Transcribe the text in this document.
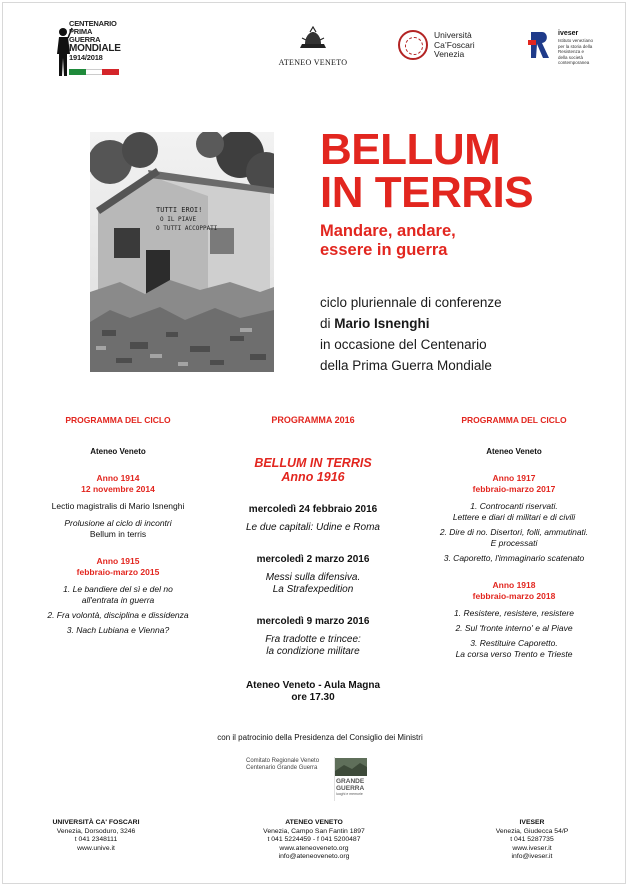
CENTENARIO
PRIMA GUERRA
MONDIALE
1914/2018
ATENEO VENETO
Università
Ca’Foscari
Venezia
iveser
Istituto veneziano
per la storia della
Resistenza e
della società
contemporanea
TUTTI EROI!
O IL PIAVE
O TUTTI ACCOPPATI
BELLUM
IN TERRIS
Mandare, andare,
essere in guerra
ciclo pluriennale di conferenze
di Mario Isnenghi
in occasione del Centenario
della Prima Guerra Mondiale
PROGRAMMA DEL CICLO
Ateneo Veneto
Anno 1914
12 novembre 2014
Lectio magistralis di Mario Isnenghi
Prolusione al ciclo di incontri
Bellum in terris
Anno 1915
febbraio-marzo 2015
1. Le bandiere del sì e del no
all'entrata in guerra
2. Fra volontà, disciplina e dissidenza
3. Nach Lubiana e Vienna?
PROGRAMMA 2016
BELLUM IN TERRIS
Anno 1916
mercoledì 24 febbraio 2016
Le due capitali: Udine e Roma
mercoledì 2 marzo 2016
Messi sulla difensiva.
La Strafexpedition
mercoledì 9 marzo 2016
Fra tradotte e trincee:
la condizione militare
Ateneo Veneto - Aula Magna
ore 17.30
PROGRAMMA DEL CICLO
Ateneo Veneto
Anno 1917
febbraio-marzo 2017
1. Controcanti riservati.
Lettere e diari di militari e di civili
2. Dire di no. Disertori, folli, ammutinati.
E processati
3. Caporetto, l'immaginario scatenato
Anno 1918
febbraio-marzo 2018
1. Resistere, resistere, resistere
2. Sul 'fronte interno' e al Piave
3. Restituire Caporetto.
La corsa verso Trento e Trieste
con il patrocinio della Presidenza del Consiglio dei Ministri
Comitato Regionale Veneto
Centenario Grande Guerra
GRANDE
GUERRA
luoghi e memorie
UNIVERSITÀ CA' FOSCARI
Venezia, Dorsoduro, 3246
t 041 2348111
www.unive.it
ATENEO VENETO
Venezia, Campo San Fantin 1897
t 041 5224459 - f 041 5200487
www.ateneoveneto.org
info@ateneoveneto.org
IVESER
Venezia, Giudecca 54/P
t 041 5287735
www.iveser.it
info@iveser.it
